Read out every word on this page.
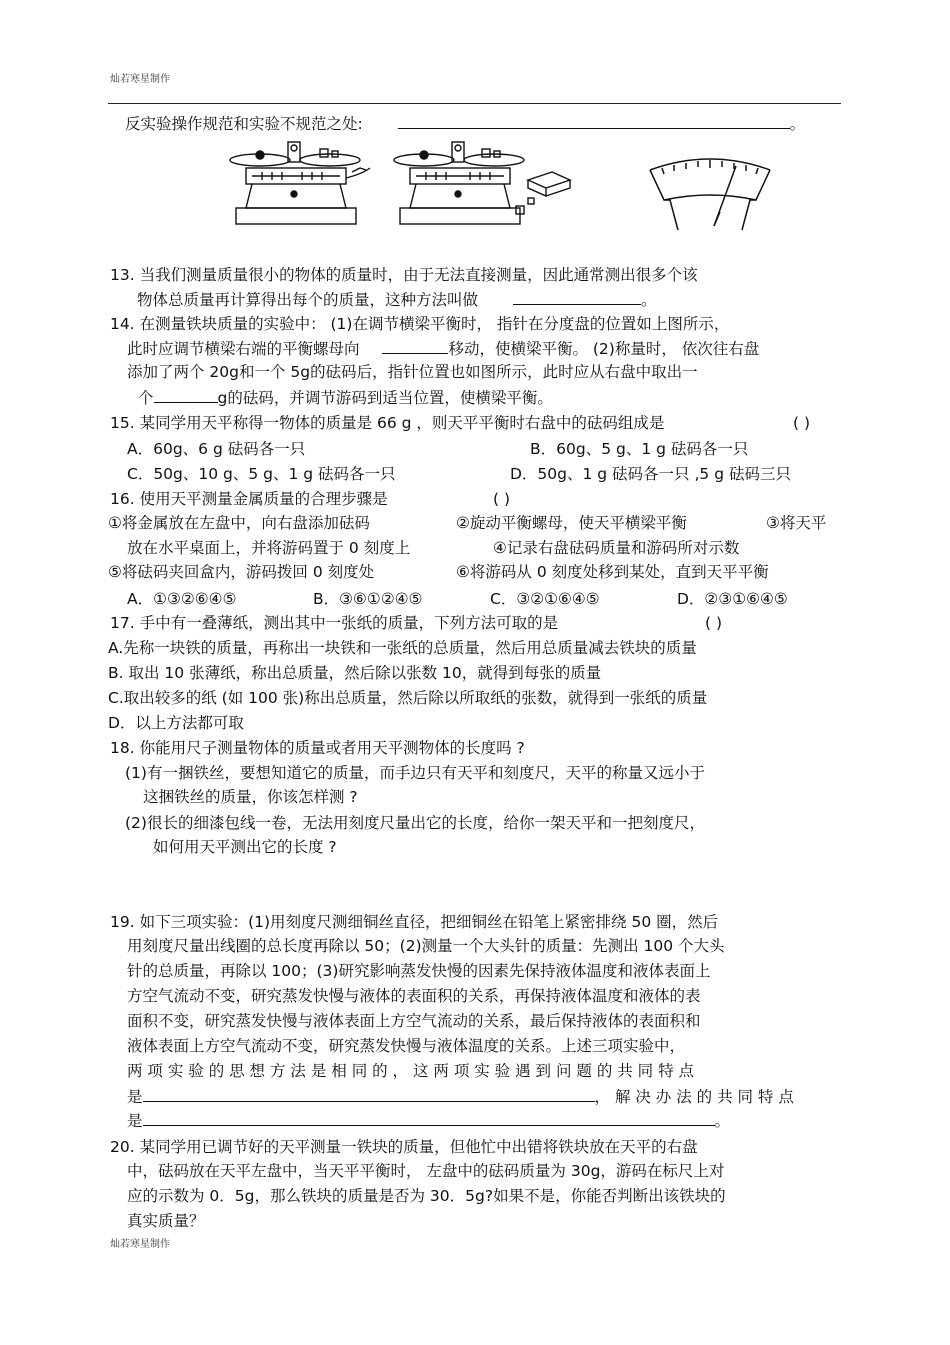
灿若寒星制作
反实验操作规范和实验不规范之处:	。
13. 当我们测量质量很小的物体的质量时，由于无法直接测量，因此通常测出很多个该
物体总质量再计算得出每个的质量，这种方法叫做	。
14. 在测量铁块质量的实验中： (1)在调节横梁平衡时， 指针在分度盘的位置如上图所示，
此时应调节横梁右端的平衡螺母向	移动，使横梁平衡。 (2)称量时， 依次往右盘
添加了两个 20g和一个 5g的砝码后，指针位置也如图所示，此时应从右盘中取出一
个	g的砝码，并调节游码到适当位置，使横梁平衡。
15. 某同学用天平称得一物体的质量是 66 g ，则天平平衡时右盘中的砝码组成是	( )
A．60g、6 g 砝码各一只	B．60g、5 g、1 g 砝码各一只
C．50g、10 g、5 g、1 g 砝码各一只	D．50g、1 g 砝码各一只 ,5 g 砝码三只
16. 使用天平测量金属质量的合理步骤是	( )
①将金属放在左盘中，向右盘添加砝码	②旋动平衡螺母，使天平横梁平衡	③将天平
放在水平桌面上，并将游码置于 0 刻度上	④记录右盘砝码质量和游码所对示数
⑤将砝码夹回盒内，游码拨回 0 刻度处	⑥将游码从 0 刻度处移到某处，直到天平平衡
A．①③②⑥④⑤	B．③⑥①②④⑤	C．③②①⑥④⑤	D．②③①⑥④⑤
17. 手中有一叠薄纸，测出其中一张纸的质量，下列方法可取的是	( )
A.先称一块铁的质量，再称出一块铁和一张纸的总质量，然后用总质量减去铁块的质量
B. 取出 10 张薄纸，称出总质量，然后除以张数 10，就得到每张的质量
C.取出较多的纸 (如 100 张)称出总质量，然后除以所取纸的张数，就得到一张纸的质量
D．以上方法都可取
18. 你能用尺子测量物体的质量或者用天平测物体的长度吗 ?
(1)有一捆铁丝，要想知道它的质量，而手边只有天平和刻度尺，天平的称量又远小于
这捆铁丝的质量，你该怎样测 ?
(2)很长的细漆包线一卷，无法用刻度尺量出它的长度，给你一架天平和一把刻度尺，
如何用天平测出它的长度 ?
19. 如下三项实验：(1)用刻度尺测细铜丝直径，把细铜丝在铅笔上紧密排绕 50 圈，然后
用刻度尺量出线圈的总长度再除以 50；(2)测量一个大头针的质量：先测出 100 个大头
针的总质量，再除以 100；(3)研究影响蒸发快慢的因素先保持液体温度和液体表面上
方空气流动不变，研究蒸发快慢与液体的表面积的关系，再保持液体温度和液体的表
面积不变，研究蒸发快慢与液体表面上方空气流动的关系，最后保持液体的表面积和
液体表面上方空气流动不变，研究蒸发快慢与液体温度的关系。上述三项实验中，
两 项 实 验 的 思 想 方 法 是 相 同 的 ， 这 两 项 实 验 遇 到 问 题 的 共 同 特 点
是	， 解 决 办 法 的 共 同 特 点
是	。
20. 某同学用已调节好的天平测量一铁块的质量，但他忙中出错将铁块放在天平的右盘
中，砝码放在天平左盘中，当天平平衡时， 左盘中的砝码质量为 30g，游码在标尺上对
应的示数为 0．5g，那么铁块的质量是否为 30．5g?如果不是，你能否判断出该铁块的
真实质量？
灿若寒星制作
